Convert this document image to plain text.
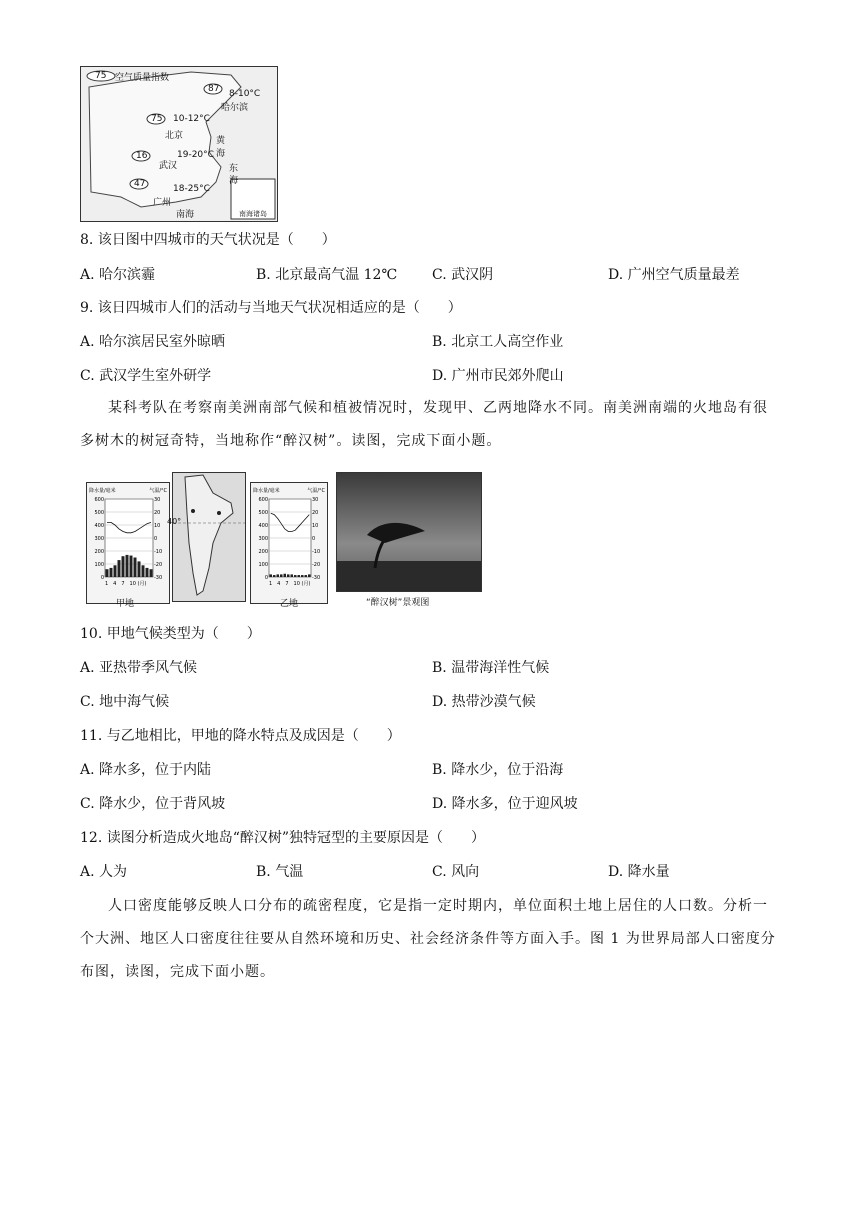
空气质量指数
75
87
75
16
47
8-10°C
哈尔滨
10-12°C
北京
19-20°C
武汉
18-25°C
广州
黄
海
东
海
南海	南海诸岛
8. 该日图中四城市的天气状况是（　　）
A. 哈尔滨霾	B. 北京最高气温 12℃ C. 武汉阴	D. 广州空气质量最差
9. 该日四城市人们的活动与当地天气状况相适应的是（　　）
A. 哈尔滨居民室外晾晒	B. 北京工人高空作业
C. 武汉学生室外研学	D. 广州市民郊外爬山
某科考队在考察南美洲南部气候和植被情况时，发现甲、乙两地降水不同。南美洲南端的火地岛有很多树木的树冠奇特，当地称作“醉汉树”。读图，完成下面小题。
600	30
500	20
400	10
300	0
200	-10
100	-20
0	-30
降水量/毫米	气温/°C
1　4　7　10 (月)
40°
600	30
500	20
400	10
300	0
200	-10
100	-20
0	-30
降水量/毫米	气温/°C
1　4　7　10 (月)
甲地	乙地	“醉汉树”景观图
10. 甲地气候类型为（　　）
A. 亚热带季风气候	B. 温带海洋性气候
C. 地中海气候	D. 热带沙漠气候
11. 与乙地相比，甲地的降水特点及成因是（　　）
A. 降水多，位于内陆	B. 降水少，位于沿海
C. 降水少，位于背风坡	D. 降水多，位于迎风坡
12. 读图分析造成火地岛“醉汉树”独特冠型的主要原因是（　　）
A. 人为	B. 气温	C. 风向	D. 降水量
人口密度能够反映人口分布的疏密程度，它是指一定时期内，单位面积土地上居住的人口数。分析一个大洲、地区人口密度往往要从自然环境和历史、社会经济条件等方面入手。图 1 为世界局部人口密度分布图，读图，完成下面小题。
